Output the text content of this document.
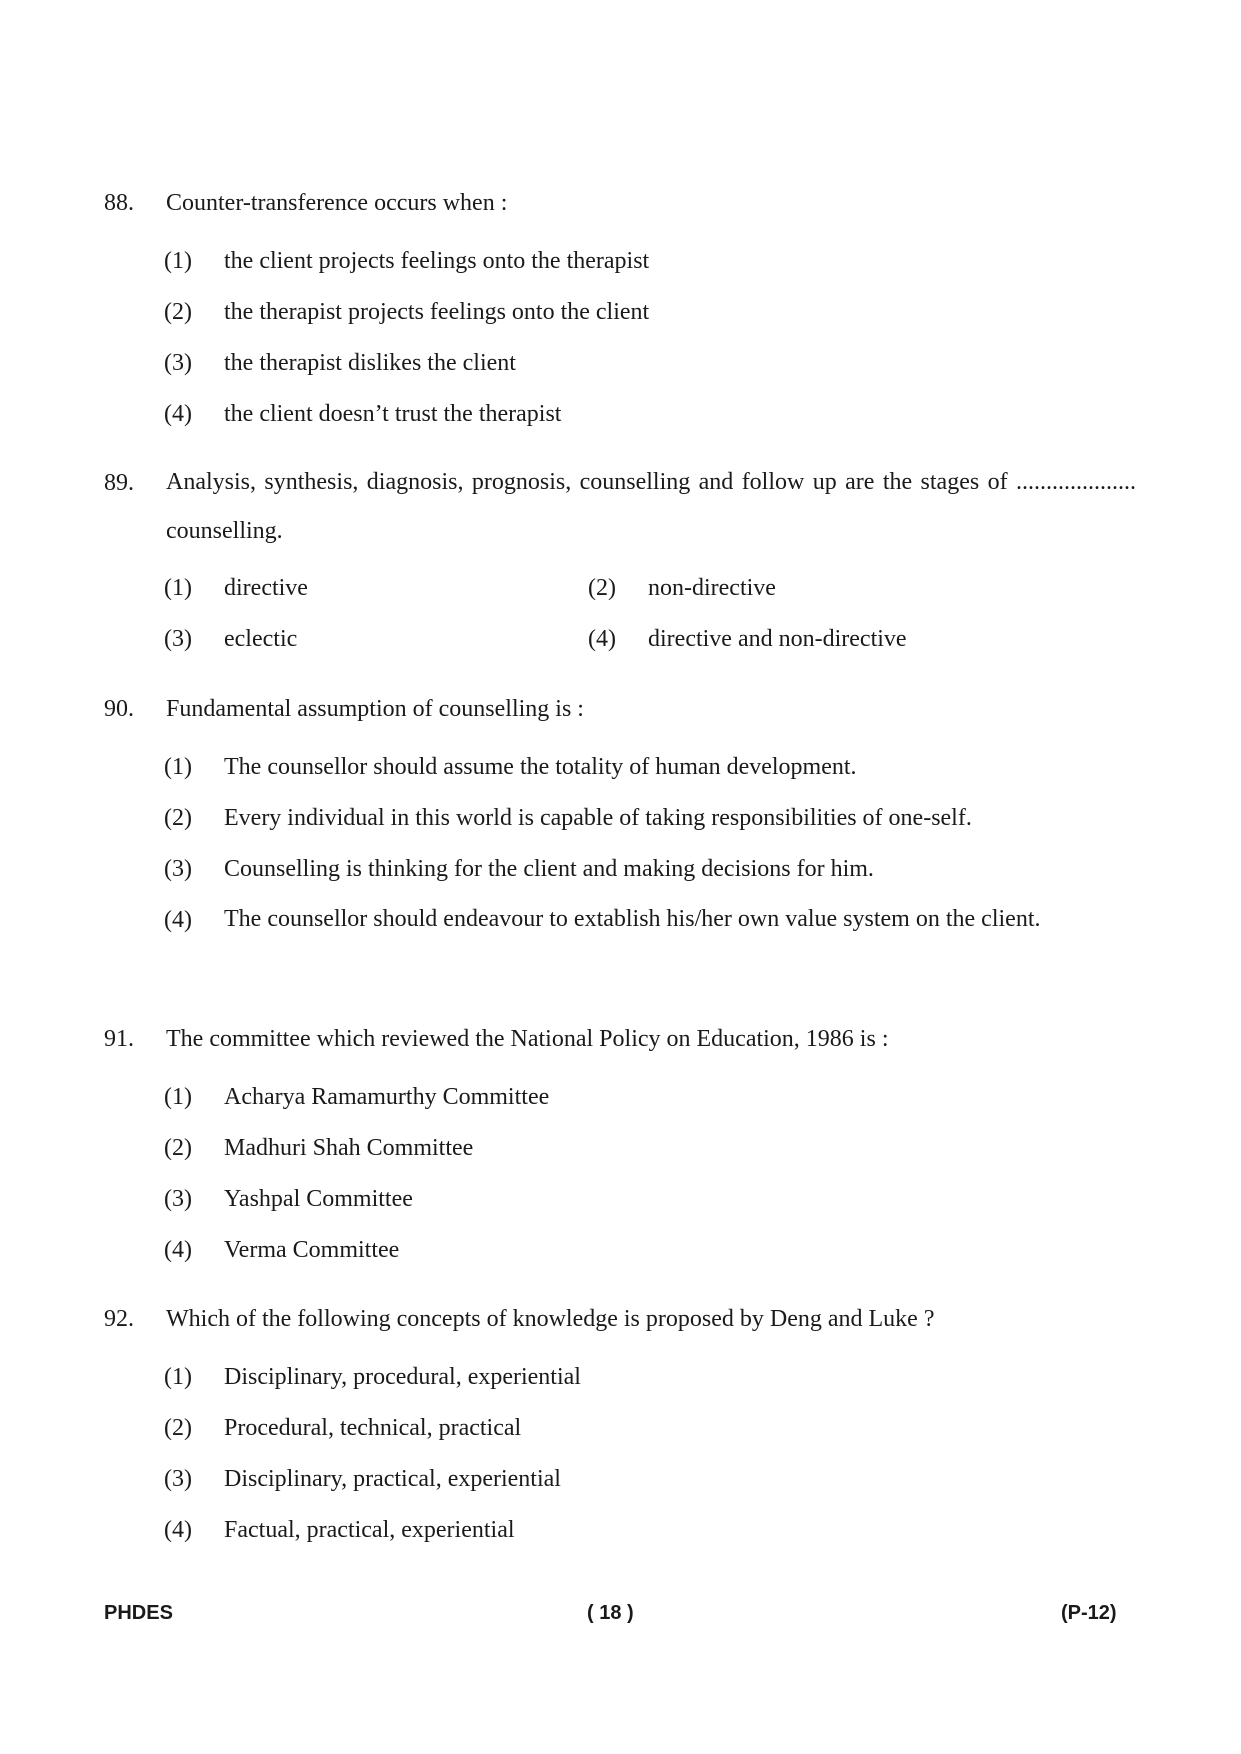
88. Counter-transference occurs when :
(1) the client projects feelings onto the therapist
(2) the therapist projects feelings onto the client
(3) the therapist dislikes the client
(4) the client doesn’t trust the therapist
89. Analysis, synthesis, diagnosis, prognosis, counselling and follow up are the stages of .................... counselling.
(1) directive	(2) non-directive
(3) eclectic	(4) directive and non-directive
90. Fundamental assumption of counselling is :
(1) The counsellor should assume the totality of human development.
(2) Every individual in this world is capable of taking responsibilities of one-self.
(3) Counselling is thinking for the client and making decisions for him.
(4) The counsellor should endeavour to extablish his/her own value system on the client.
91. The committee which reviewed the National Policy on Education, 1986 is :
(1) Acharya Ramamurthy Committee
(2) Madhuri Shah Committee
(3) Yashpal Committee
(4) Verma Committee
92. Which of the following concepts of knowledge is proposed by Deng and Luke ?
(1) Disciplinary, procedural, experiential
(2) Procedural, technical, practical
(3) Disciplinary, practical, experiential
(4) Factual, practical, experiential
PHDES	( 18 )	(P-12)
